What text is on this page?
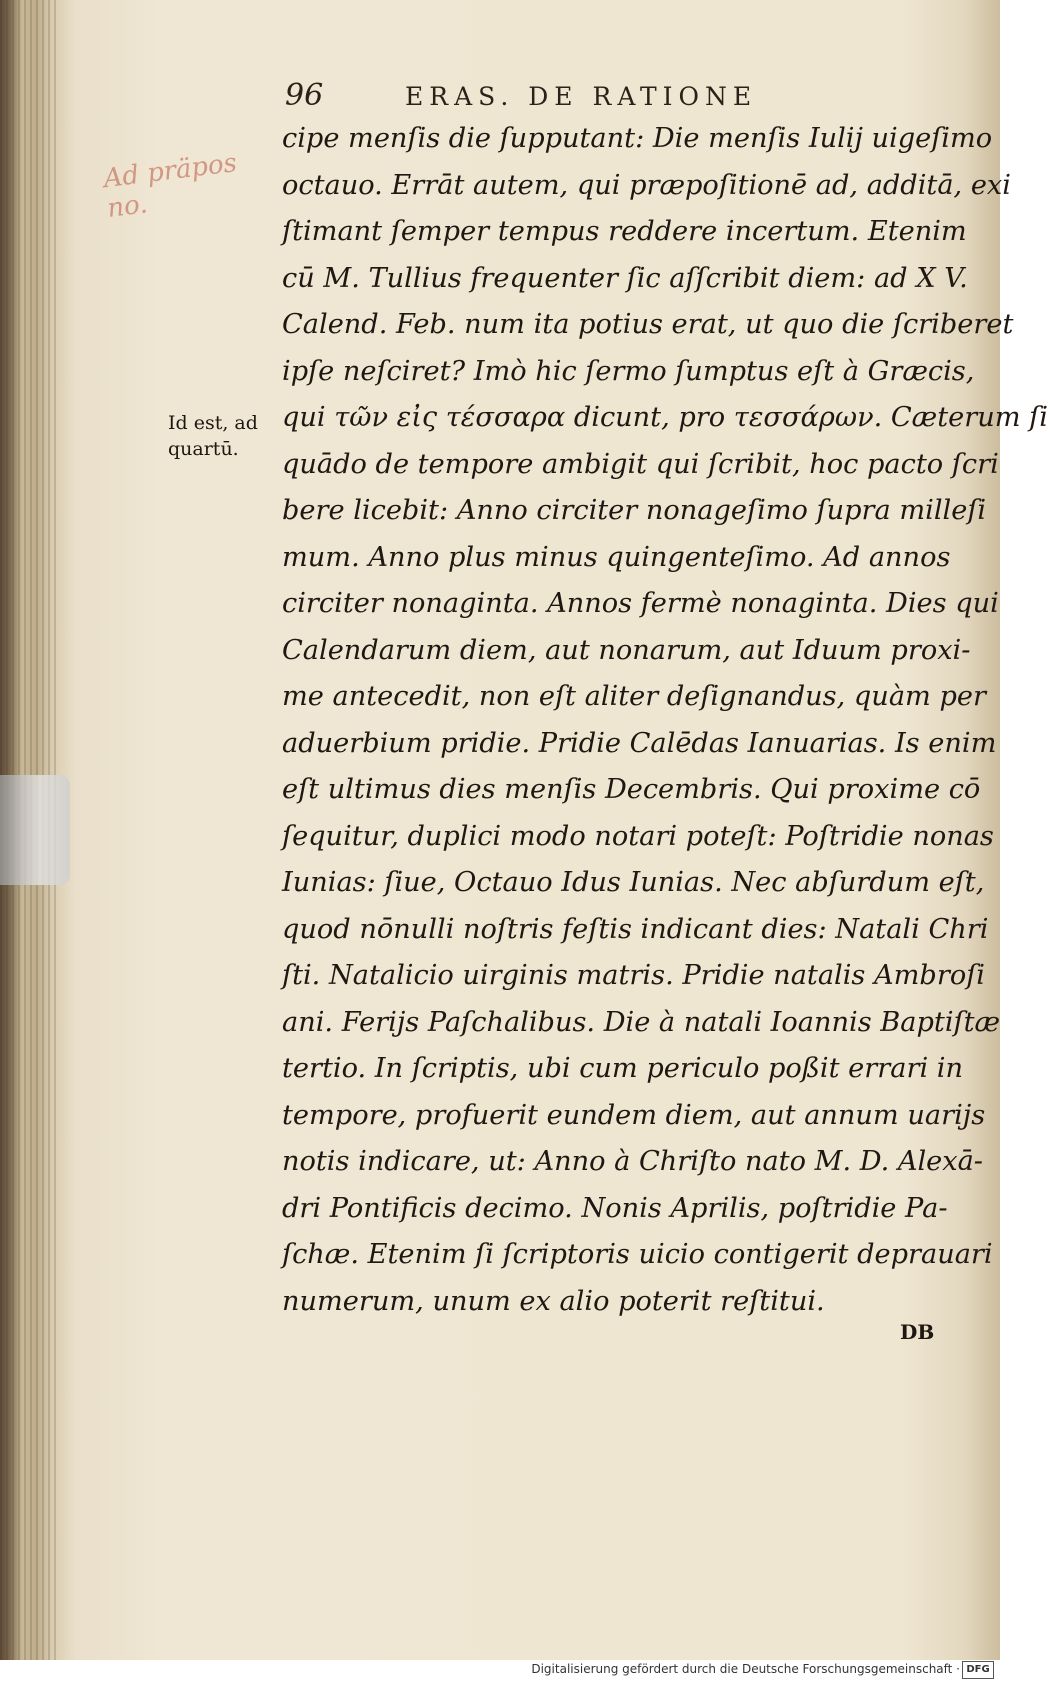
96	ERAS. DE RATIONE
Ad präpos
no.
Id est, ad
quartū.
cipe menſis die ſupputant: Die menſis Iulij uigeſimo
octauo. Errāt autem, qui præpoſitionē ad, additā, exi
ſtimant ſemper tempus reddere incertum. Etenim
cū M. Tullius frequenter ſic aſſcribit diem: ad X V.
Calend. Feb. num ita potius erat, ut quo die ſcriberet
ipſe neſciret? Imò hic ſermo ſumptus eſt à Græcis,
qui τῶν εἰς τέσσαρα dicunt, pro τεσσάρων. Cæterum ſi
quādo de tempore ambigit qui ſcribit, hoc pacto ſcri
bere licebit: Anno circiter nonageſimo ſupra milleſi
mum. Anno plus minus quingenteſimo. Ad annos
circiter nonaginta. Annos fermè nonaginta. Dies qui
Calendarum diem, aut nonarum, aut Iduum proxi-
me antecedit, non eſt aliter deſignandus, quàm per
aduerbium pridie. Pridie Calēdas Ianuarias. Is enim
eſt ultimus dies menſis Decembris. Qui proxime cō
ſequitur, duplici modo notari poteſt: Poſtridie nonas
Iunias: ſiue, Octauo Idus Iunias. Nec abſurdum eſt,
quod nōnulli noſtris feſtis indicant dies: Natali Chri
ſti. Natalicio uirginis matris. Pridie natalis Ambroſi
ani. Ferijs Paſchalibus. Die à natali Ioannis Baptiſtæ
tertio. In ſcriptis, ubi cum periculo poßit errari in
tempore, profuerit eundem diem, aut annum uarijs
notis indicare, ut: Anno à Chriſto nato M. D. Alexā-
dri Pontificis decimo. Nonis Aprilis, poſtridie Pa-
ſchæ. Etenim ſi ſcriptoris uicio contigerit deprauari
numerum, unum ex alio poterit reſtitui.
DB
Digitalisierung gefördert durch die Deutsche Forschungsgemeinschaft · DFG
